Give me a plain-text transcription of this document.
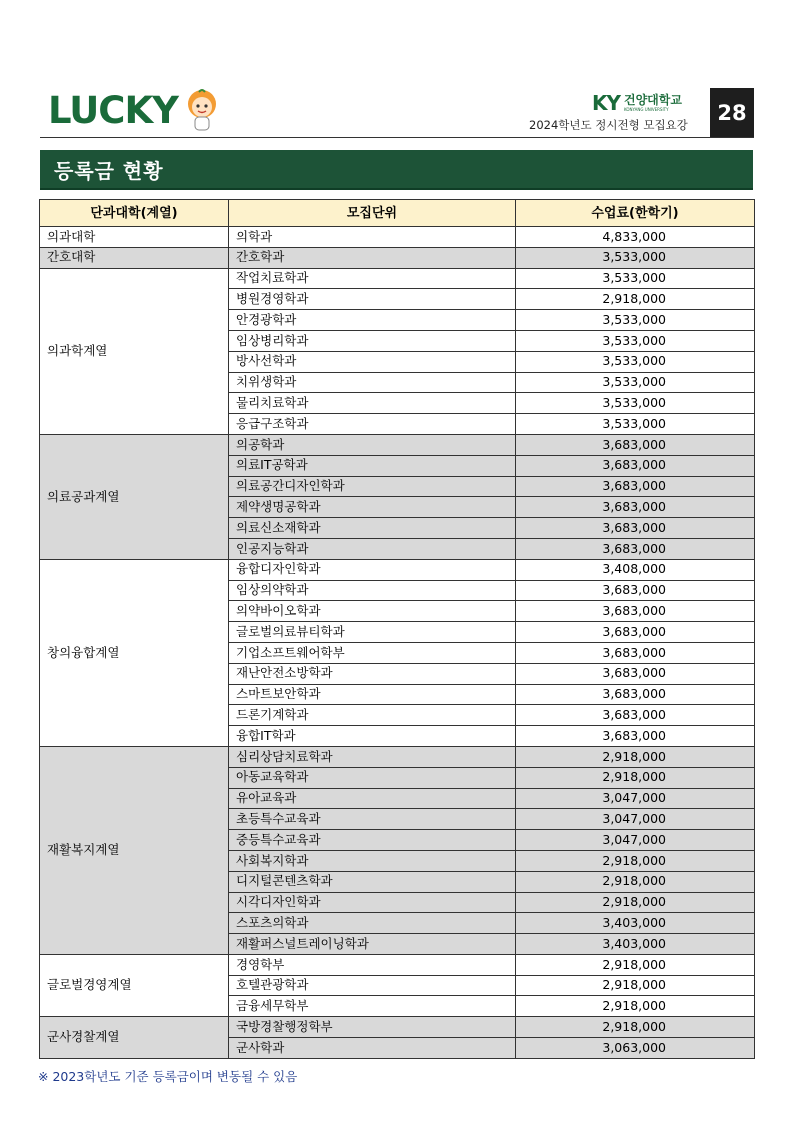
LUCKY	KY 건양대학교
KONYANG UNIVERSITY
2024학년도 정시전형 모집요강
28
등록금 현황
단과대학(계열)	모집단위	수업료(한학기)
의과대학	의학과	4,833,000
간호대학	간호학과	3,533,000
의과학계열	작업치료학과	3,533,000
	병원경영학과	2,918,000
	안경광학과	3,533,000
	임상병리학과	3,533,000
	방사선학과	3,533,000
	치위생학과	3,533,000
	물리치료학과	3,533,000
	응급구조학과	3,533,000
의료공과계열	의공학과	3,683,000
	의료IT공학과	3,683,000
	의료공간디자인학과	3,683,000
	제약생명공학과	3,683,000
	의료신소재학과	3,683,000
	인공지능학과	3,683,000
창의융합계열	융합디자인학과	3,408,000
	임상의약학과	3,683,000
	의약바이오학과	3,683,000
	글로벌의료뷰티학과	3,683,000
	기업소프트웨어학부	3,683,000
	재난안전소방학과	3,683,000
	스마트보안학과	3,683,000
	드론기계학과	3,683,000
	융합IT학과	3,683,000
재활복지계열	심리상담치료학과	2,918,000
	아동교육학과	2,918,000
	유아교육과	3,047,000
	초등특수교육과	3,047,000
	중등특수교육과	3,047,000
	사회복지학과	2,918,000
	디지털콘텐츠학과	2,918,000
	시각디자인학과	2,918,000
	스포츠의학과	3,403,000
	재활퍼스널트레이닝학과	3,403,000
글로벌경영계열	경영학부	2,918,000
	호텔관광학과	2,918,000
	금융세무학부	2,918,000
군사경찰계열	국방경찰행정학부	2,918,000
	군사학과	3,063,000
※ 2023학년도 기준 등록금이며 변동될 수 있음
